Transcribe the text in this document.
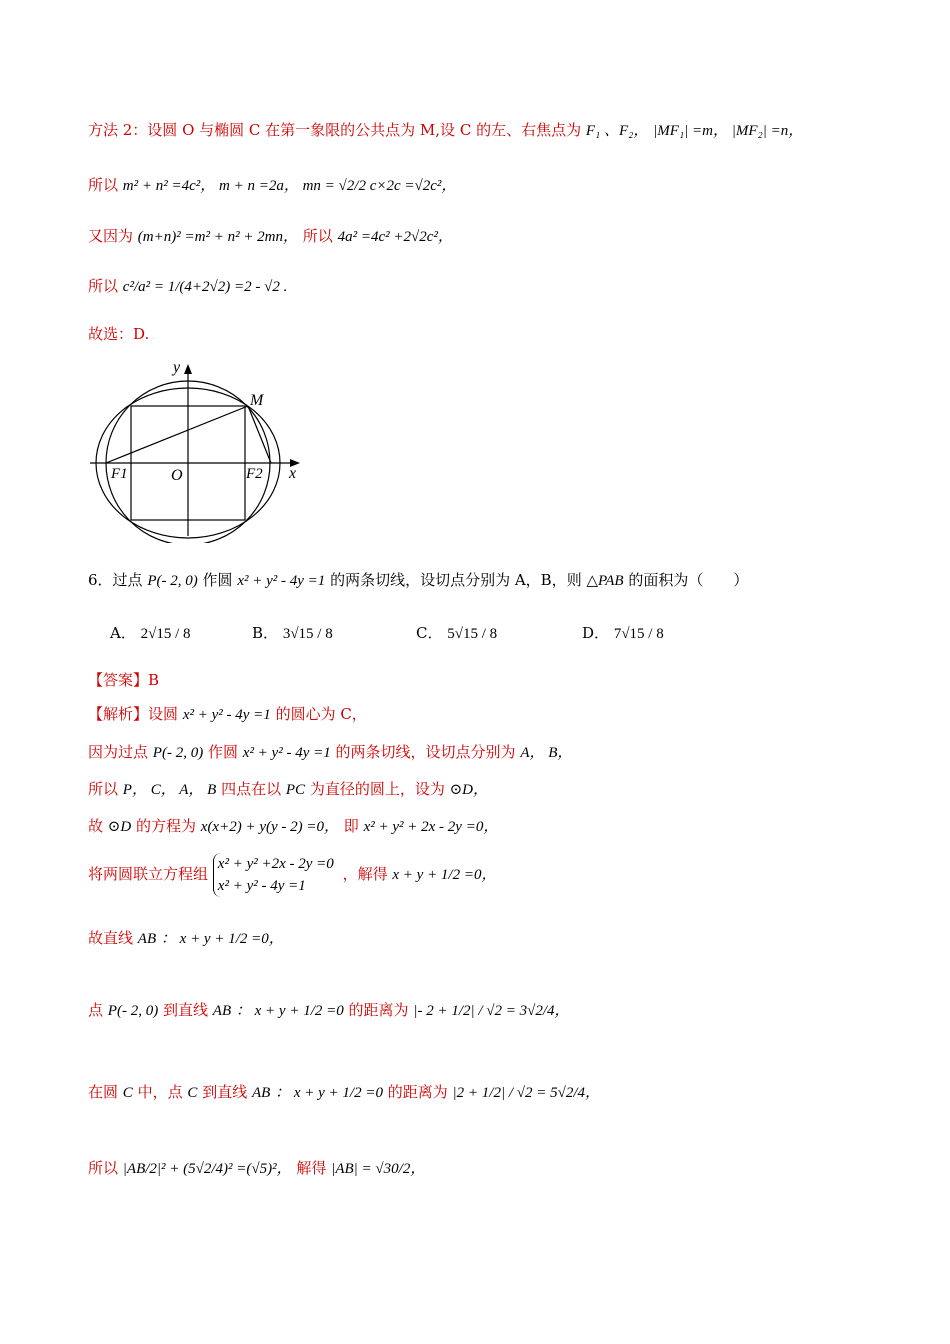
方法 2：设圆 O 与椭圆 C 在第一象限的公共点为 M,设 C 的左、右焦点为 F₁ 、F₂， |MF₁| =m， |MF₂| =n，
所以 m² + n² =4c²， m + n =2a， mn = √2/2 c×2c =√2c²，
又因为 (m+n)² =m² + n² + 2mn， 所以 4a² =4c² +2√2c²，
所以 c²/a² = 1/(4+2√2) =2 - √2 .
故选：D.
y
x
M
O
F1	F2
6．过点 P(- 2, 0) 作圆 x² + y² - 4y =1 的两条切线，设切点分别为 A，B，则 △PAB 的面积为（　　）
A． 2√15 / 8	B． 3√15 / 8	C． 5√15 / 8	D． 7√15 / 8
【答案】B
【解析】设圆 x² + y² - 4y =1 的圆心为 C，
因为过点 P(- 2, 0) 作圆 x² + y² - 4y =1 的两条切线，设切点分别为 A， B，
所以 P， C， A， B 四点在以 PC 为直径的圆上，设为 ⊙D，
故 ⊙D 的方程为 x(x+2) + y(y - 2) =0， 即 x² + y² + 2x - 2y =0，
将两圆联立方程组
x² + y² +2x - 2y =0
x² + y² - 4y =1
，解得 x + y + 1/2 =0，
故直线 AB ： x + y + 1/2 =0，
点 P(- 2, 0) 到直线 AB ： x + y + 1/2 =0 的距离为 |- 2 + 1/2| / √2 = 3√2/4，
在圆 C 中，点 C 到直线 AB ： x + y + 1/2 =0 的距离为 |2 + 1/2| / √2 = 5√2/4，
所以 |AB/2|² + (5√2/4)² =(√5)²， 解得 |AB| = √30/2，
